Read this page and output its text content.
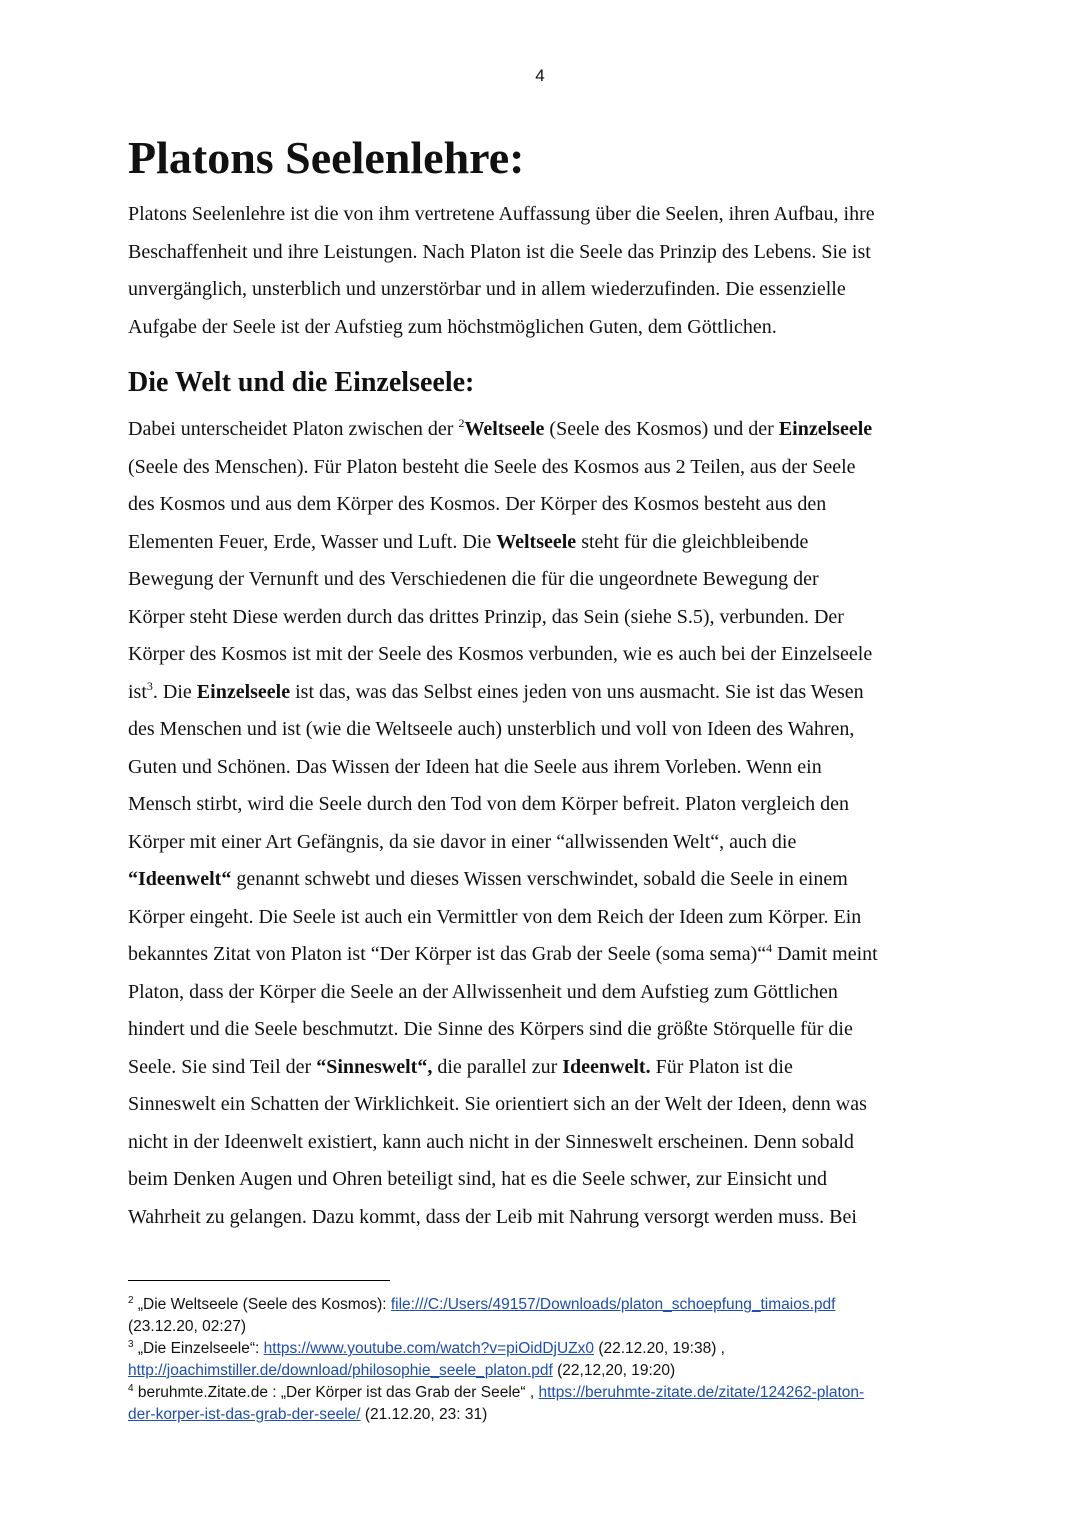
4
Platons Seelenlehre:
Platons Seelenlehre ist die von ihm vertretene Auffassung über die Seelen, ihren Aufbau, ihre
Beschaffenheit und ihre Leistungen. Nach Platon ist die Seele das Prinzip des Lebens. Sie ist
unvergänglich, unsterblich und unzerstörbar und in allem wiederzufinden. Die essenzielle
Aufgabe der Seele ist der Aufstieg zum höchstmöglichen Guten, dem Göttlichen.
Die Welt und die Einzelseele:
Dabei unterscheidet Platon zwischen der $^2$Weltseele (Seele des Kosmos) und der Einzelseele
(Seele des Menschen). Für Platon besteht die Seele des Kosmos aus 2 Teilen, aus der Seele
des Kosmos und aus dem Körper des Kosmos. Der Körper des Kosmos besteht aus den
Elementen Feuer, Erde, Wasser und Luft. Die Weltseele steht für die gleichbleibende
Bewegung der Vernunft und des Verschiedenen die für die ungeordnete Bewegung der
Körper steht Diese werden durch das drittes Prinzip, das Sein (siehe S.5), verbunden. Der
Körper des Kosmos ist mit der Seele des Kosmos verbunden, wie es auch bei der Einzelseele
ist$^3$. Die Einzelseele ist das, was das Selbst eines jeden von uns ausmacht. Sie ist das Wesen
des Menschen und ist (wie die Weltseele auch) unsterblich und voll von Ideen des Wahren,
Guten und Schönen. Das Wissen der Ideen hat die Seele aus ihrem Vorleben. Wenn ein
Mensch stirbt, wird die Seele durch den Tod von dem Körper befreit. Platon vergleich den
Körper mit einer Art Gefängnis, da sie davor in einer “allwissenden Welt“, auch die
“Ideenwelt“ genannt schwebt und dieses Wissen verschwindet, sobald die Seele in einem
Körper eingeht. Die Seele ist auch ein Vermittler von dem Reich der Ideen zum Körper. Ein
bekanntes Zitat von Platon ist “Der Körper ist das Grab der Seele (soma sema)“$^4$ Damit meint
Platon, dass der Körper die Seele an der Allwissenheit und dem Aufstieg zum Göttlichen
hindert und die Seele beschmutzt. Die Sinne des Körpers sind die größte Störquelle für die
Seele. Sie sind Teil der “Sinneswelt“, die parallel zur Ideenwelt. Für Platon ist die
Sinneswelt ein Schatten der Wirklichkeit. Sie orientiert sich an der Welt der Ideen, denn was
nicht in der Ideenwelt existiert, kann auch nicht in der Sinneswelt erscheinen. Denn sobald
beim Denken Augen und Ohren beteiligt sind, hat es die Seele schwer, zur Einsicht und
Wahrheit zu gelangen. Dazu kommt, dass der Leib mit Nahrung versorgt werden muss. Bei
$^2$ „Die Weltseele (Seele des Kosmos): file:///C:/Users/49157/Downloads/platon_schoepfung_timaios.pdf
(23.12.20, 02:27)
$^3$ „Die Einzelseele“: https://www.youtube.com/watch?v=piOidDjUZx0 (22.12.20, 19:38) ,
http://joachimstiller.de/download/philosophie_seele_platon.pdf (22,12,20, 19:20)
$^4$ beruhmte.Zitate.de : „Der Körper ist das Grab der Seele“ , https://beruhmte-zitate.de/zitate/124262-platon-
der-korper-ist-das-grab-der-seele/ (21.12.20, 23: 31)
